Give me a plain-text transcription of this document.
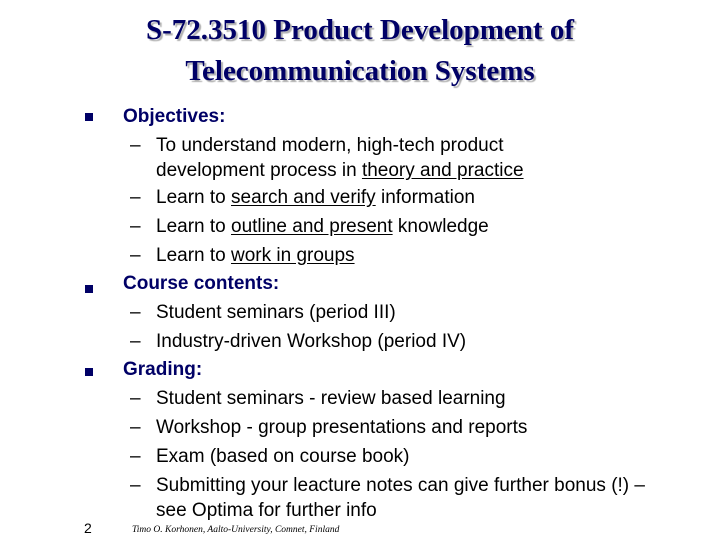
S-72.3510 Product Development of
Telecommunication Systems
Objectives:
– To understand modern, high-tech product
development process in theory and practice
– Learn to search and verify information
– Learn to outline and present knowledge
– Learn to work in groups
Course contents:
– Student seminars (period III)
– Industry-driven Workshop (period IV)
Grading:
– Student seminars - review based learning
– Workshop - group presentations and reports
– Exam (based on course book)
– Submitting your leacture notes can give further bonus (!) –
see Optima for further info
2	Timo O. Korhonen, Aalto-University, Comnet, Finland
